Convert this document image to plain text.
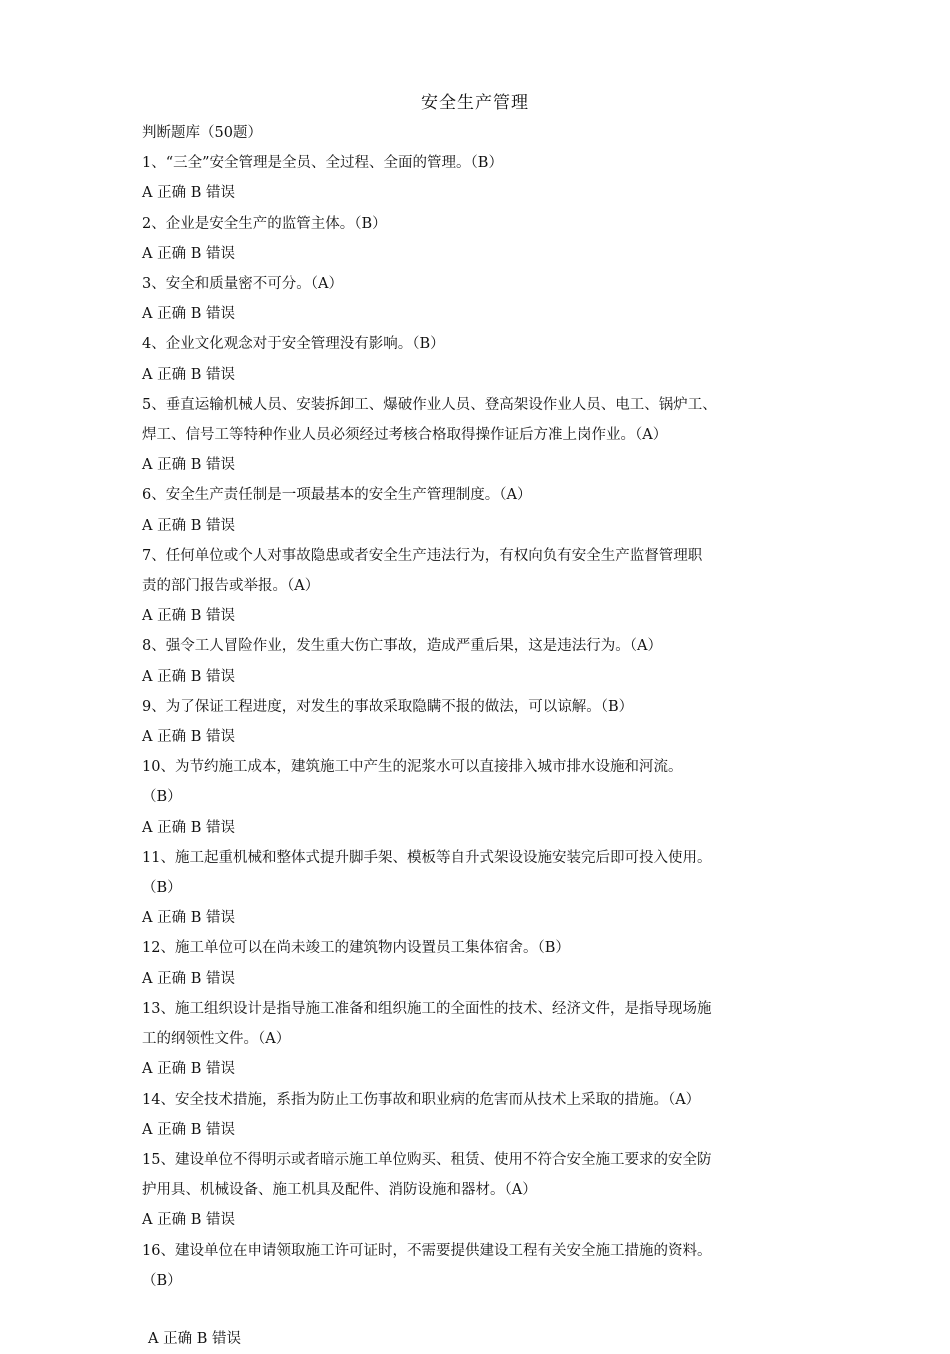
安全生产管理
判断题库（50题）
1、“三全”安全管理是全员、全过程、全面的管理。（B）
A 正确 B 错误
2、企业是安全生产的监管主体。（B）
A 正确 B 错误
3、安全和质量密不可分。（A）
A 正确 B 错误
4、企业文化观念对于安全管理没有影响。（B）
A 正确 B 错误
5、垂直运输机械人员、安装拆卸工、爆破作业人员、登高架设作业人员、电工、锅炉工、
焊工、信号工等特种作业人员必须经过考核合格取得操作证后方准上岗作业。（A）
A 正确 B 错误
6、安全生产责任制是一项最基本的安全生产管理制度。（A）
A 正确 B 错误
7、任何单位或个人对事故隐患或者安全生产违法行为，有权向负有安全生产监督管理职
责的部门报告或举报。（A）
A 正确 B 错误
8、强令工人冒险作业，发生重大伤亡事故，造成严重后果，这是违法行为。（A）
A 正确 B 错误
9、为了保证工程进度，对发生的事故采取隐瞒不报的做法，可以谅解。（B）
A 正确 B 错误
10、为节约施工成本，建筑施工中产生的泥浆水可以直接排入城市排水设施和河流。
（B）
A 正确 B 错误
11、施工起重机械和整体式提升脚手架、模板等自升式架设设施安装完后即可投入使用。
（B）
A 正确 B 错误
12、施工单位可以在尚未竣工的建筑物内设置员工集体宿舍。（B）
A 正确 B 错误
13、施工组织设计是指导施工准备和组织施工的全面性的技术、经济文件，是指导现场施
工的纲领性文件。（A）
A 正确 B 错误
14、安全技术措施，系指为防止工伤事故和职业病的危害而从技术上采取的措施。（A）
A 正确 B 错误
15、建设单位不得明示或者暗示施工单位购买、租赁、使用不符合安全施工要求的安全防
护用具、机械设备、施工机具及配件、消防设施和器材。（A）
A 正确 B 错误
16、建设单位在申请领取施工许可证时，不需要提供建设工程有关安全施工措施的资料。
（B）
A 正确 B 错误
